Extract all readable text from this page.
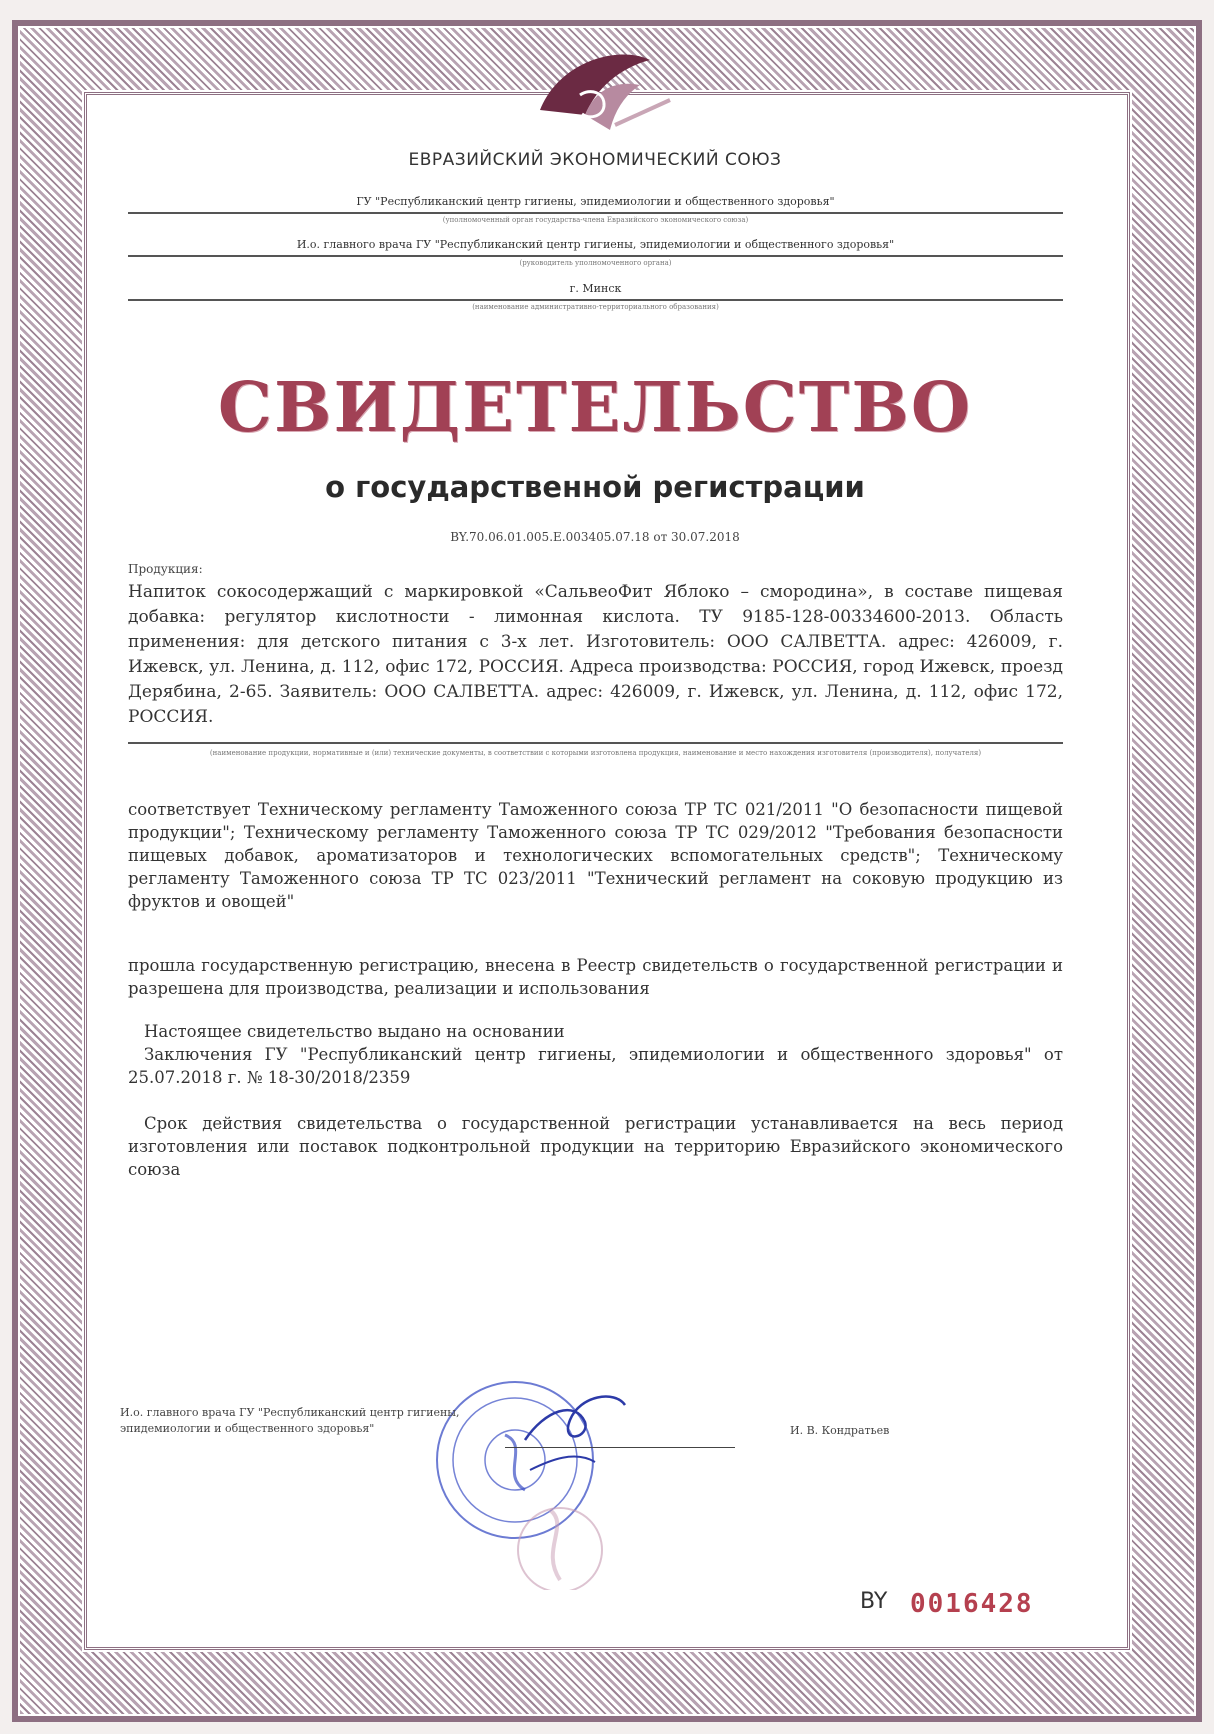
ЕВРАЗИЙСКИЙ ЭКОНОМИЧЕСКИЙ СОЮЗ
ГУ "Республиканский центр гигиены, эпидемиологии и общественного здоровья"
(уполномоченный орган государства-члена Евразийского экономического союза)
И.о. главного врача ГУ "Республиканский центр гигиены, эпидемиологии и общественного здоровья"
(руководитель уполномоченного органа)
г. Минск
(наименование административно-территориального образования)
СВИДЕТЕЛЬСТВО
о государственной регистрации
BY.70.06.01.005.Е.003405.07.18 от 30.07.2018
Продукция:
Напиток сокосодержащий с маркировкой «СальвеоФит Яблоко – смородина», в составе пищевая добавка: регулятор кислотности - лимонная кислота. ТУ 9185-128-00334600-2013. Область применения: для детского питания с 3-х лет. Изготовитель: ООО САЛВЕТТА. адрес: 426009, г. Ижевск, ул. Ленина, д. 112, офис 172, РОССИЯ. Адреса производства: РОССИЯ, город Ижевск, проезд Дерябина, 2-65. Заявитель: ООО САЛВЕТТА. адрес: 426009, г. Ижевск, ул. Ленина, д. 112, офис 172, РОССИЯ.
(наименование продукции, нормативные и (или) технические документы, в соответствии с которыми изготовлена продукция, наименование и место нахождения изготовителя (производителя), получателя)
соответствует Техническому регламенту Таможенного союза ТР ТС 021/2011 "О безопасности пищевой продукции"; Техническому регламенту Таможенного союза ТР ТС 029/2012 "Требования безопасности пищевых добавок, ароматизаторов и технологических вспомогательных средств"; Техническому регламенту Таможенного союза ТР ТС 023/2011 "Технический регламент на соковую продукцию из фруктов и овощей"
прошла государственную регистрацию, внесена в Реестр свидетельств о государственной регистрации и разрешена для производства, реализации и использования
Настоящее свидетельство выдано на основании
Заключения ГУ "Республиканский центр гигиены, эпидемиологии и общественного здоровья" от 25.07.2018 г. № 18-30/2018/2359
Срок действия свидетельства о государственной регистрации устанавливается на весь период изготовления или поставок подконтрольной продукции на территорию Евразийского экономического союза
И.о. главного врача ГУ "Республиканский центр гигиены, эпидемиологии и общественного здоровья"	И. В. Кондратьев
BY 0016428
